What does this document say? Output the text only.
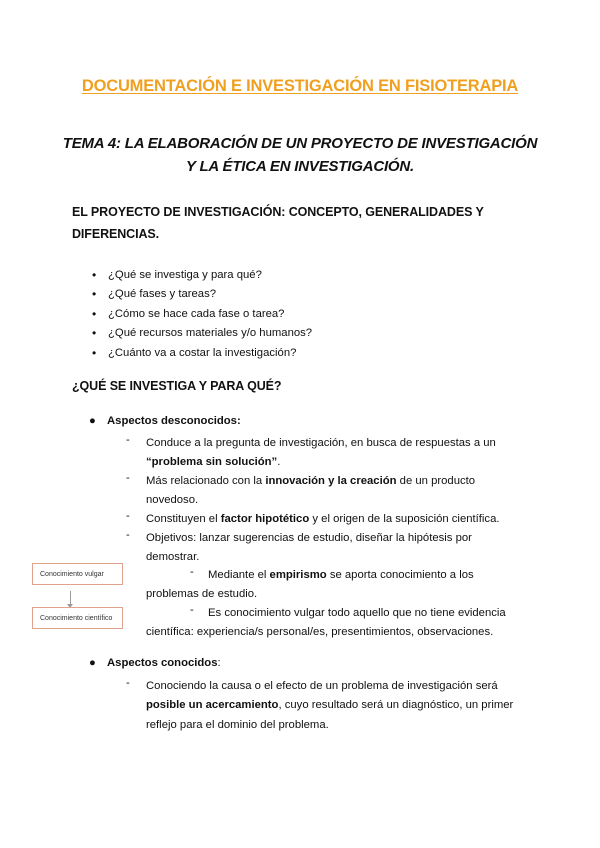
DOCUMENTACIÓN E INVESTIGACIÓN EN FISIOTERAPIA
TEMA 4: LA ELABORACIÓN DE UN PROYECTO DE INVESTIGACIÓN
Y LA ÉTICA EN INVESTIGACIÓN.
EL PROYECTO DE INVESTIGACIÓN: CONCEPTO, GENERALIDADES Y
DIFERENCIAS.
• ¿Qué se investiga y para qué?
• ¿Qué fases y tareas?
• ¿Cómo se hace cada fase o tarea?
• ¿Qué recursos materiales y/o humanos?
• ¿Cuánto va a costar la investigación?
¿QUÉ SE INVESTIGA Y PARA QUÉ?
● Aspectos desconocidos:
- Conduce a la pregunta de investigación, en busca de respuestas a un
“problema sin solución”.
- Más relacionado con la innovación y la creación de un producto
novedoso.
- Constituyen el factor hipotético y el origen de la suposición científica.
- Objetivos: lanzar sugerencias de estudio, diseñar la hipótesis por
demostrar.
-	Mediante el empirismo se aporta conocimiento a los
problemas de estudio.
-	Es conocimiento vulgar todo aquello que no tiene evidencia
científica: experiencia/s personal/es, presentimientos, observaciones.
Conocimiento vulgar
Conocimiento científico
● Aspectos conocidos:
- Conociendo la causa o el efecto de un problema de investigación será
posible un acercamiento, cuyo resultado será un diagnóstico, un primer
reflejo para el dominio del problema.
